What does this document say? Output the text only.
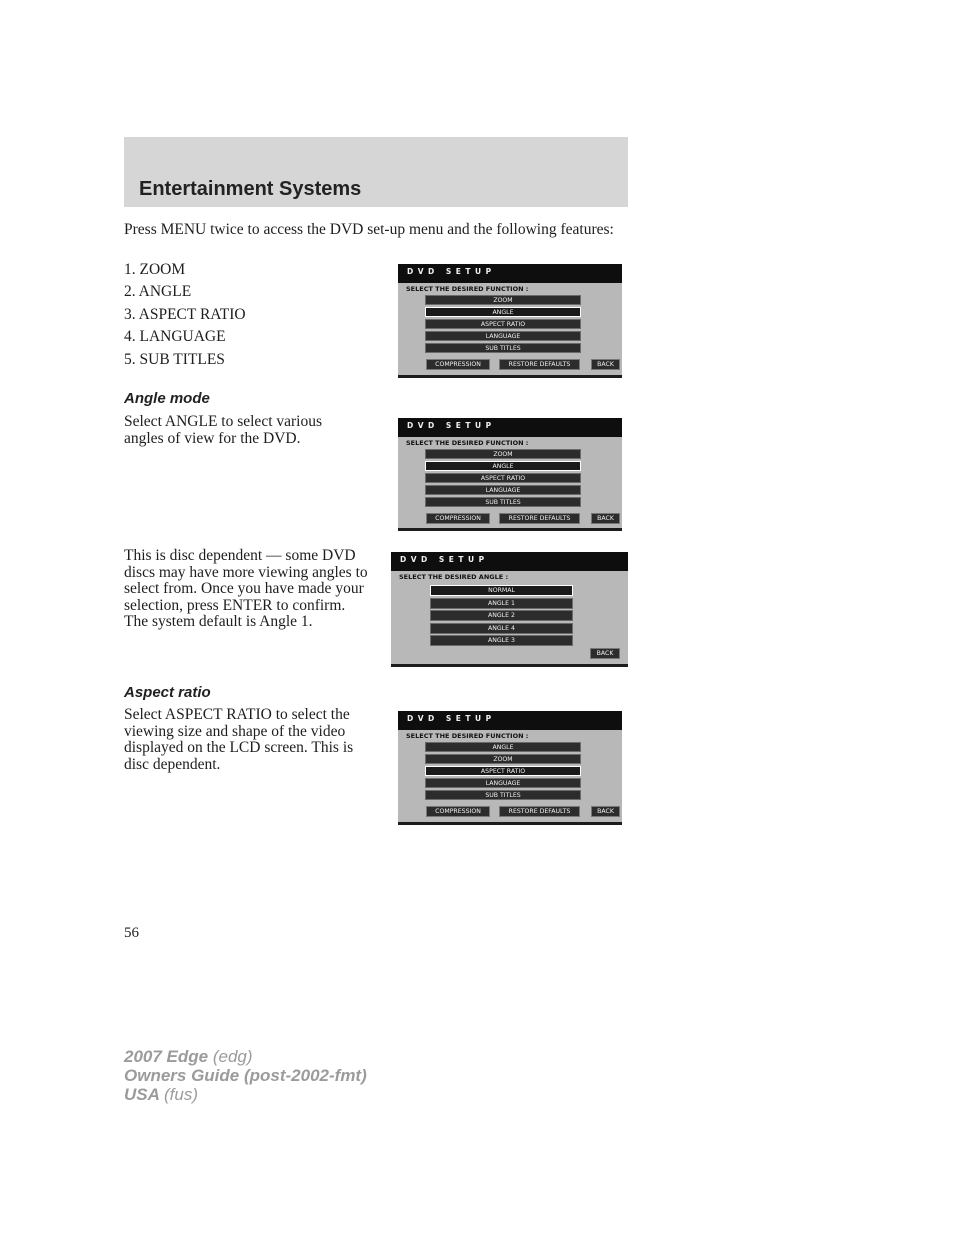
Entertainment Systems
Press MENU twice to access the DVD set-up menu and the following features:
1. ZOOM
2. ANGLE
3. ASPECT RATIO
4. LANGUAGE
5. SUB TITLES
DVD SETUP
SELECT THE DESIRED FUNCTION :
ZOOM
ANGLE
ASPECT RATIO
LANGUAGE
SUB TITLES
COMPRESSION	RESTORE DEFAULTS	BACK
Angle mode
Select ANGLE to select various angles of view for the DVD.
DVD SETUP
SELECT THE DESIRED FUNCTION :
ZOOM
ANGLE
ASPECT RATIO
LANGUAGE
SUB TITLES
COMPRESSION	RESTORE DEFAULTS	BACK
This is disc dependent — some DVD discs may have more viewing angles to select from. Once you have made your selection, press ENTER to confirm. The system default is Angle 1.
DVD SETUP
SELECT THE DESIRED ANGLE :
NORMAL
ANGLE 1
ANGLE 2
ANGLE 4
ANGLE 3
BACK
Aspect ratio
Select ASPECT RATIO to select the viewing size and shape of the video displayed on the LCD screen. This is disc dependent.
DVD SETUP
SELECT THE DESIRED FUNCTION :
ANGLE
ZOOM
ASPECT RATIO
LANGUAGE
SUB TITLES
COMPRESSION	RESTORE DEFAULTS	BACK
56
2007 Edge (edg)
Owners Guide (post-2002-fmt)
USA (fus)
